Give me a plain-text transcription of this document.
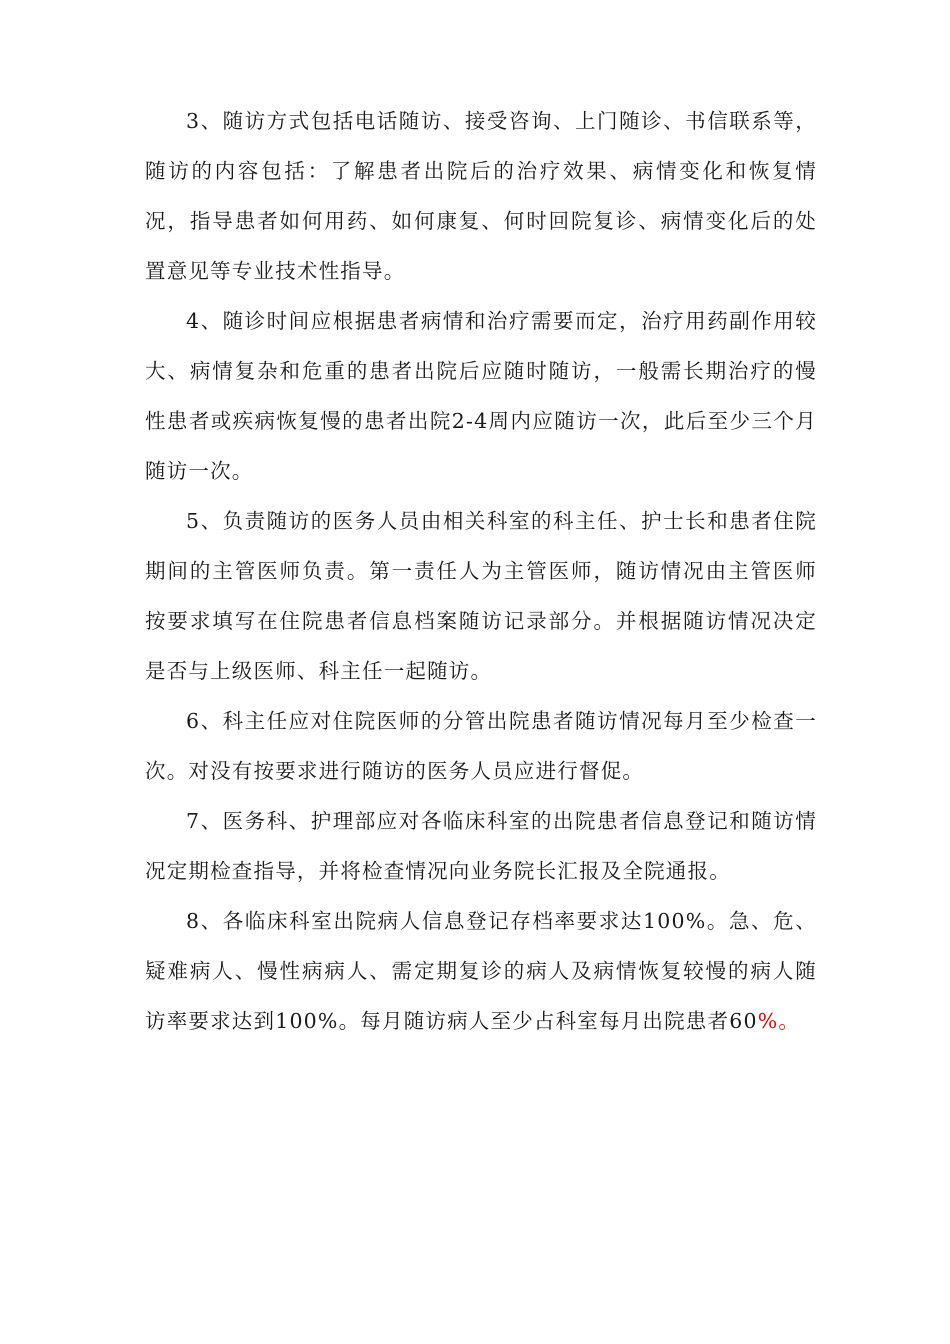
3、随访方式包括电话随访、接受咨询、上门随诊、书信联系等，随访的内容包括：了解患者出院后的治疗效果、病情变化和恢复情况，指导患者如何用药、如何康复、何时回院复诊、病情变化后的处置意见等专业技术性指导。

4、随诊时间应根据患者病情和治疗需要而定，治疗用药副作用较大、病情复杂和危重的患者出院后应随时随访，一般需长期治疗的慢性患者或疾病恢复慢的患者出院2-4周内应随访一次，此后至少三个月随访一次。

5、负责随访的医务人员由相关科室的科主任、护士长和患者住院期间的主管医师负责。第一责任人为主管医师，随访情况由主管医师按要求填写在住院患者信息档案随访记录部分。并根据随访情况决定是否与上级医师、科主任一起随访。

6、科主任应对住院医师的分管出院患者随访情况每月至少检查一次。对没有按要求进行随访的医务人员应进行督促。

7、医务科、护理部应对各临床科室的出院患者信息登记和随访情况定期检查指导，并将检查情况向业务院长汇报及全院通报。

8、各临床科室出院病人信息登记存档率要求达100%。急、危、疑难病人、慢性病病人、需定期复诊的病人及病情恢复较慢的病人随访率要求达到100%。每月随访病人至少占科室每月出院患者60%。
